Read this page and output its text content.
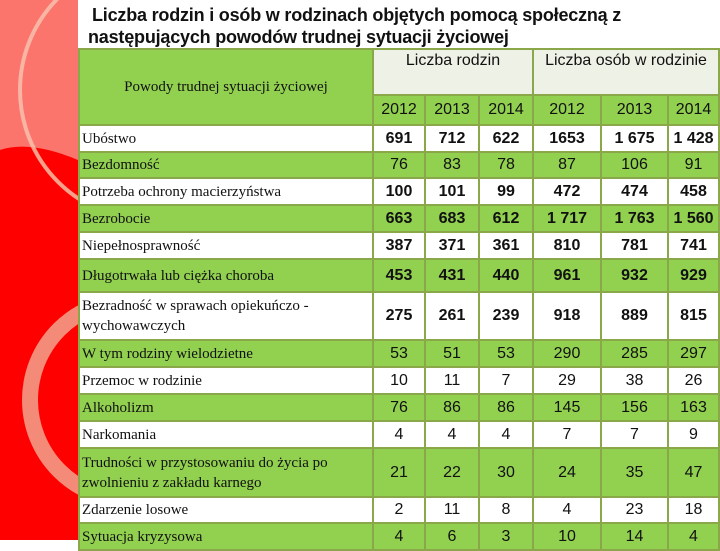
Liczba rodzin i osób w rodzinach objętych pomocą społeczną z
następujących powodów trudnej sytuacji życiowej
Powody trudnej sytuacji życiowej	Liczba rodzin			Liczba osób w rodzinie		
	2012	2013	2014	2012	2013	2014
Ubóstwo	691	712	622	1653	1 675	1 428
Bezdomność	76	83	78	87	106	91
Potrzeba ochrony macierzyństwa	100	101	99	472	474	458
Bezrobocie	663	683	612	1 717	1 763	1 560
Niepełnosprawność	387	371	361	810	781	741
Długotrwała lub ciężka choroba	453	431	440	961	932	929
Bezradność w sprawach opiekuńczo - wychowawczych	275	261	239	918	889	815
W tym rodziny wielodzietne	53	51	53	290	285	297
Przemoc w rodzinie	10	11	7	29	38	26
Alkoholizm	76	86	86	145	156	163
Narkomania	4	4	4	7	7	9
Trudności w przystosowaniu do życia po zwolnieniu z zakładu karnego	21	22	30	24	35	47
Zdarzenie losowe	2	11	8	4	23	18
Sytuacja kryzysowa	4	6	3	10	14	4
